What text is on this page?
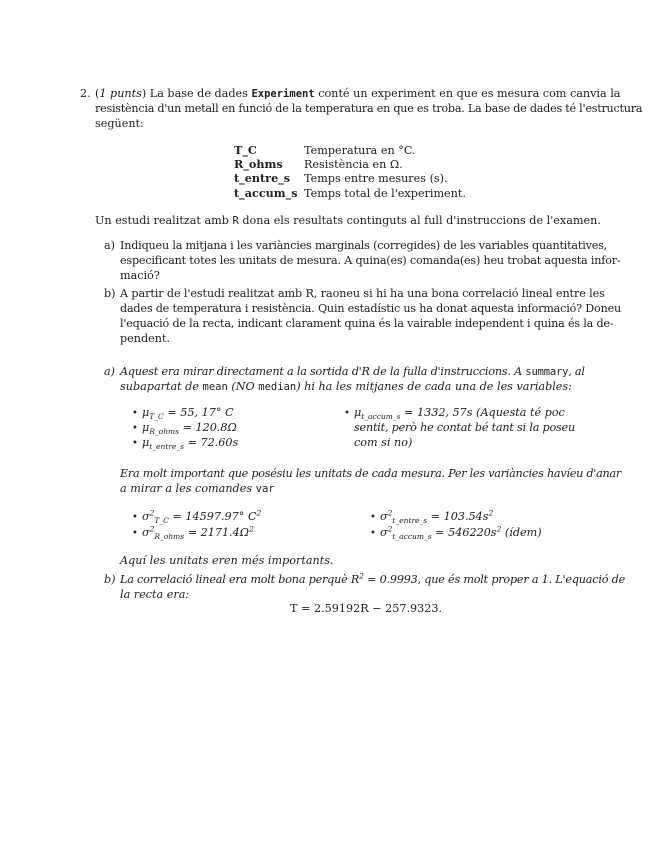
2. (1 punts) La base de dades Experiment conté un experiment en que es mesura com canvia la
resistència d'un metall en funció de la temperatura en que es troba. La base de dades té l'estructura
següent:
T_C	Temperatura en °C.
R_ohms Resistència en Ω.
t_entre_s Temps entre mesures (s).
t_accum_s Temps total de l'experiment.
Un estudi realitzat amb R dona els resultats continguts al full d'instruccions de l'examen.
a) Indiqueu la mitjana i les variàncies marginals (corregides) de les variables quantitatives,
especificant totes les unitats de mesura. A quina(es) comanda(es) heu trobat aquesta infor-
mació?
b) A partir de l'estudi realitzat amb R, raoneu si hi ha una bona correlació lineal entre les
dades de temperatura i resistència. Quin estadístic us ha donat aquesta informació? Doneu
l'equació de la recta, indicant clarament quina és la vairable independent i quina és la de-
pendent.
a) Aquest era mirar directament a la sortida d'R de la fulla d'instruccions. A summary, al
subapartat de mean (NO median) hi ha les mitjanes de cada una de les variables:
• $\mu_{T\_C} = 55$, 17° C
• $\mu_{R\_ohms} = 120.8\Omega$
• $\mu_{t\_entre\_s} = 72.60s$
• $\mu_{t\_accum\_s} = 1332$, 57s (Aquesta té poc
sentit, però he contat bé tant si la poseu
com si no)
Era molt important que posésiu les unitats de cada mesura. Per les variàncies havíeu d'anar
a mirar a les comandes var
• $\sigma^2_{T\_C} = 14597.97^\circ$ $C^2$
• $\sigma^2_{R\_ohms} = 2171.4\Omega^2$
• $\sigma^2_{t\_entre\_s} = 103.54s^2$
• $\sigma^2_{t\_accum\_s} = 546220s^2$ (ídem)
Aquí les unitats eren més importants.
b) La correlació lineal era molt bona perquè $R^2 = 0.9993$, que és molt proper a 1. L'equació de
la recta era:
T = 2.59192R − 257.9323.
